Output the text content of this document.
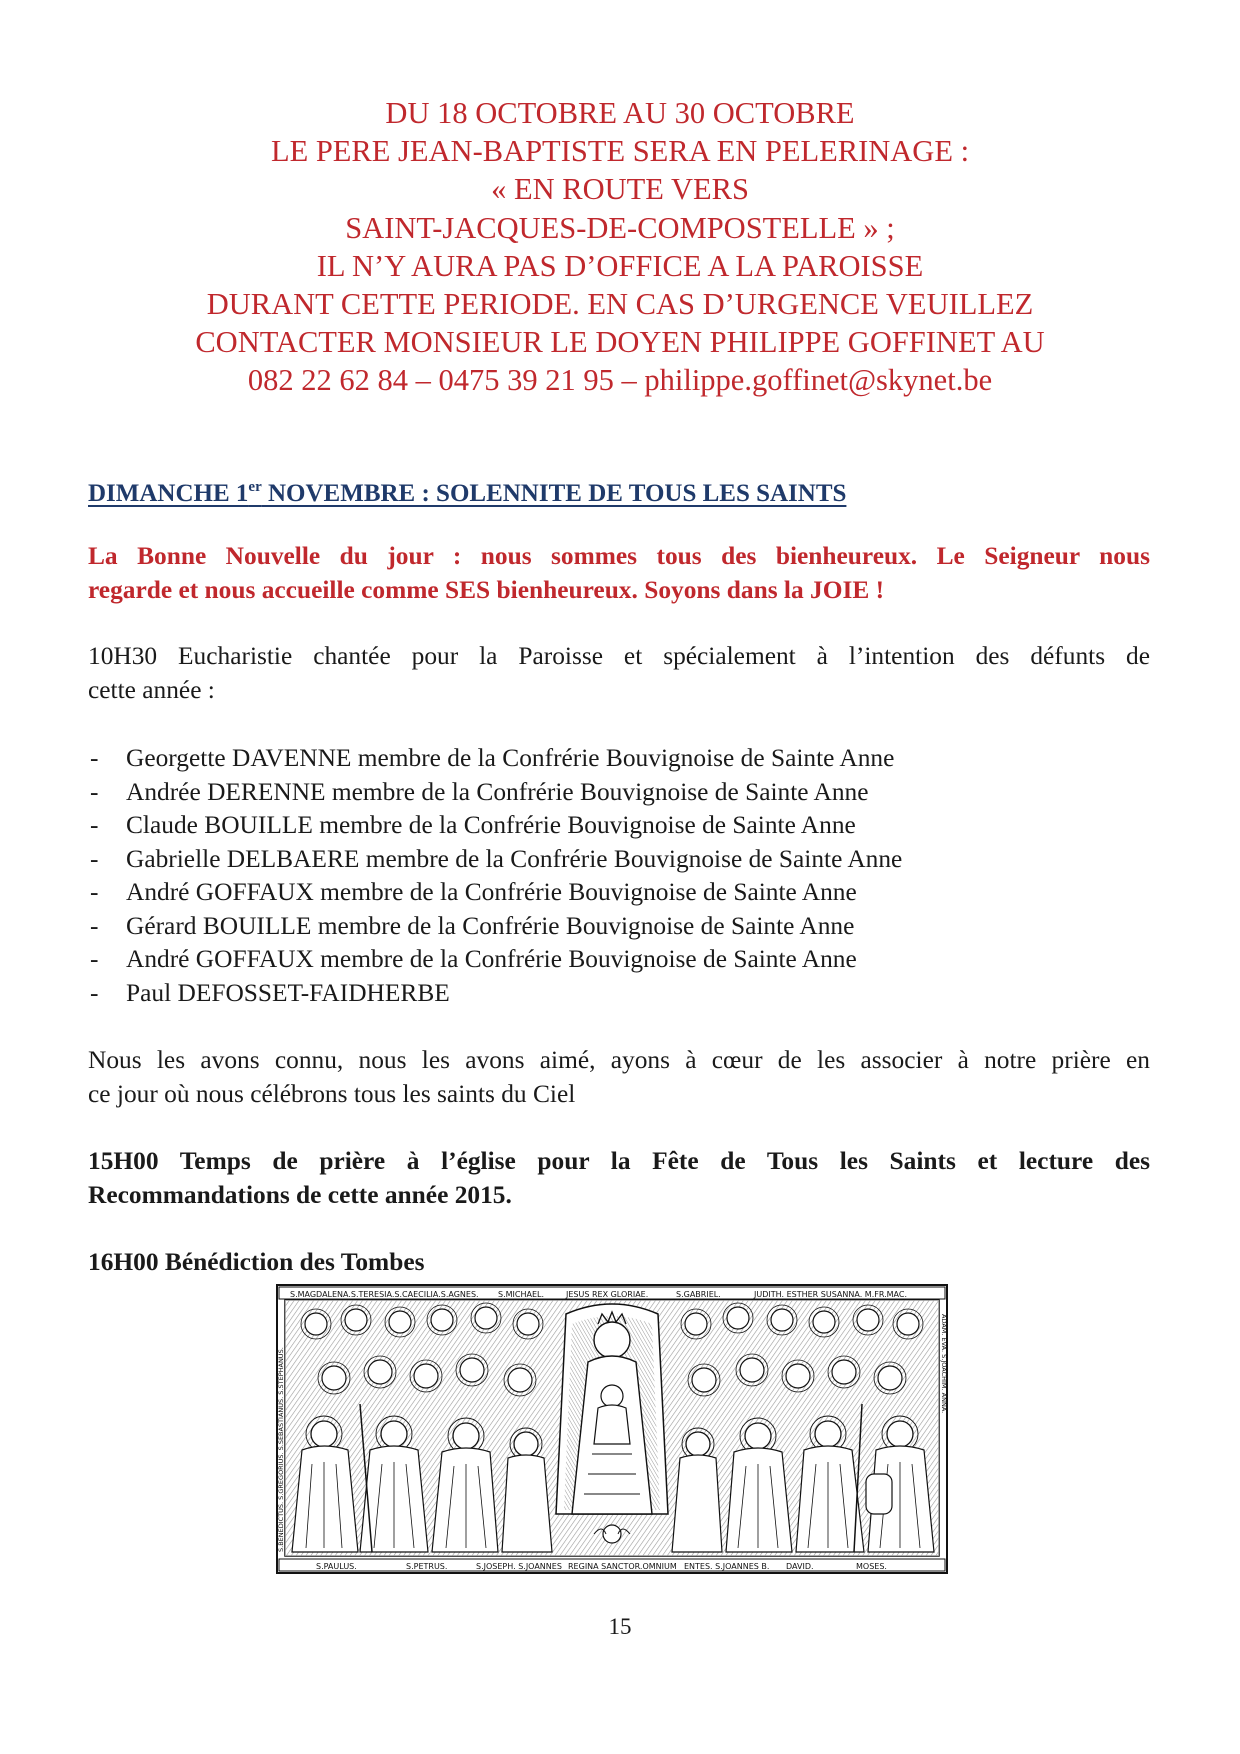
DU 18 OCTOBRE AU 30 OCTOBRE
LE PERE JEAN-BAPTISTE SERA EN PELERINAGE :
« EN ROUTE VERS
SAINT-JACQUES-DE-COMPOSTELLE » ;
IL N’Y AURA PAS D’OFFICE A LA PAROISSE
DURANT CETTE PERIODE. EN CAS D’URGENCE VEUILLEZ
CONTACTER MONSIEUR LE DOYEN PHILIPPE GOFFINET AU
082 22 62 84 – 0475 39 21 95 – philippe.goffinet@skynet.be
DIMANCHE 1er NOVEMBRE : SOLENNITE DE TOUS LES SAINTS
La Bonne Nouvelle du jour : nous sommes tous des bienheureux. Le Seigneur nous
regarde et nous accueille comme SES bienheureux. Soyons dans la JOIE !
10H30 Eucharistie chantée pour la Paroisse et spécialement à l’intention des défunts de
cette année :
- Georgette DAVENNE membre de la Confrérie Bouvignoise de Sainte Anne
- Andrée DERENNE membre de la Confrérie Bouvignoise de Sainte Anne
- Claude BOUILLE membre de la Confrérie Bouvignoise de Sainte Anne
- Gabrielle DELBAERE membre de la Confrérie Bouvignoise de Sainte Anne
- André GOFFAUX membre de la Confrérie Bouvignoise de Sainte Anne
- Gérard BOUILLE membre de la Confrérie Bouvignoise de Sainte Anne
- André GOFFAUX membre de la Confrérie Bouvignoise de Sainte Anne
- Paul DEFOSSET-FAIDHERBE
Nous les avons connu, nous les avons aimé, ayons à cœur de les associer à notre prière en
ce jour où nous célébrons tous les saints du Ciel
15H00 Temps de prière à l’église pour la Fête de Tous les Saints et lecture des
Recommandations de cette année 2015.
16H00 Bénédiction des Tombes
S.MAGDALENA.S.TERESIA.S.CAECILIA.S.AGNES. S.MICHAEL.	JESUS REX GLORIAE.	S.GABRIEL.	JUDITH. ESTHER SUSANNA. M.FR.MAC.
S.PAULUS.	S.PETRUS.	S.JOSEPH. S.JOANNES REGINA SANCTOR.OMNIUM ENTES. S.JOANNES B. DAVID.	MOSES.
S.BENEDICTUS. S.GREGORIUS. S.SEBASTIANUS. S.STEPHANUS.	ADAM. EVA. S.JOACHIM. ANNA.
15
